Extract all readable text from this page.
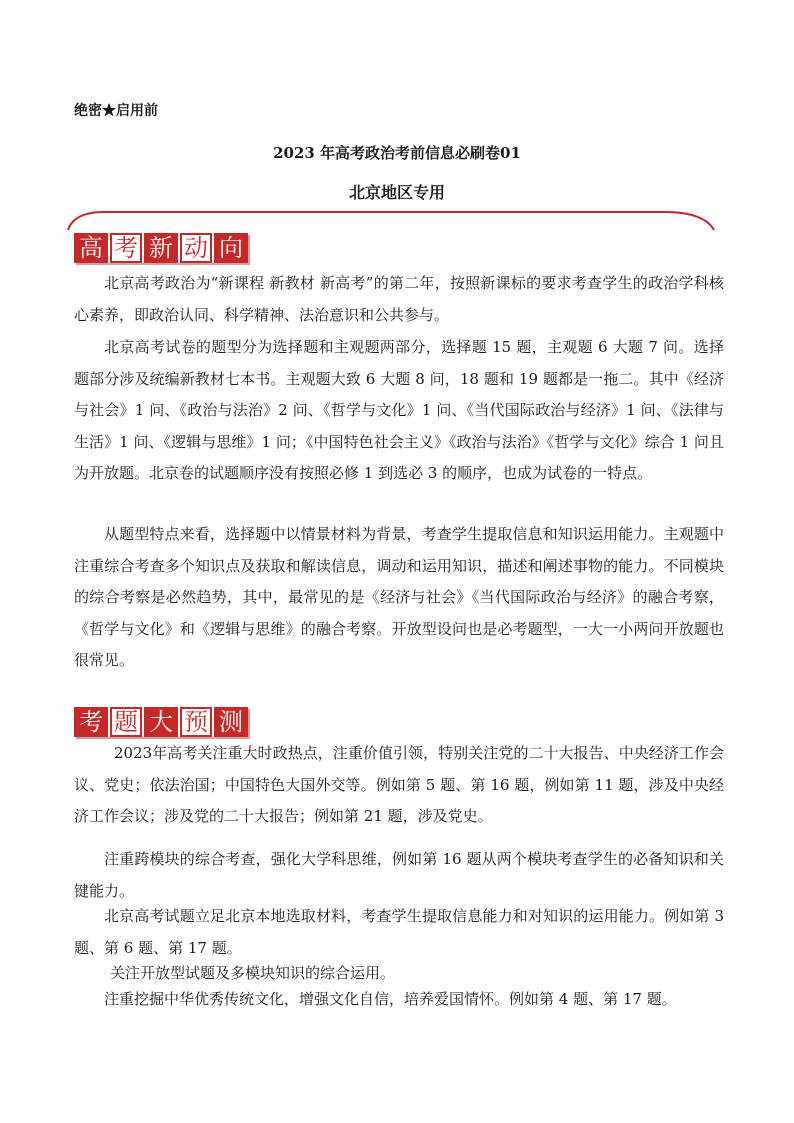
绝密★启用前
2023 年高考政治考前信息必刷卷01
北京地区专用
高 考 新 动 向

北京高考政治为“新课程 新教材 新高考”的第二年，按照新课标的要求考查学生的政治学科核心素养，即政治认同、科学精神、法治意识和公共参与。

北京高考试卷的题型分为选择题和主观题两部分，选择题 15 题，主观题 6 大题 7 问。选择题部分涉及统编新教材七本书。主观题大致 6 大题 8 问，18 题和 19 题都是一拖二。其中《经济与社会》1 问、《政治与法治》2 问、《哲学与文化》1 问、《当代国际政治与经济》1 问、《法律与生活》1 问、《逻辑与思维》1 问；《中国特色社会主义》《政治与法治》《哲学与文化》综合 1 问且为开放题。北京卷的试题顺序没有按照必修 1 到选必 3 的顺序，也成为试卷的一特点。

从题型特点来看，选择题中以情景材料为背景，考查学生提取信息和知识运用能力。主观题中注重综合考查多个知识点及获取和解读信息，调动和运用知识，描述和阐述事物的能力。不同模块的综合考察是必然趋势，其中，最常见的是《经济与社会》《当代国际政治与经济》的融合考察，《哲学与文化》和《逻辑与思维》的融合考察。开放型设问也是必考题型，一大一小两问开放题也很常见。

考 题 大 预 测

2023年高考关注重大时政热点，注重价值引领，特别关注党的二十大报告、中央经济工作会议、党史；依法治国；中国特色大国外交等。例如第 5 题、第 16 题，例如第 11 题，涉及中央经济工作会议；涉及党的二十大报告；例如第 21 题，涉及党史。

注重跨模块的综合考查，强化大学科思维，例如第 16 题从两个模块考查学生的必备知识和关键能力。

北京高考试题立足北京本地选取材料，考查学生提取信息能力和对知识的运用能力。例如第 3 题、第 6 题、第 17 题。

关注开放型试题及多模块知识的综合运用。

注重挖掘中华优秀传统文化，增强文化自信，培养爱国情怀。例如第 4 题、第 17 题。
